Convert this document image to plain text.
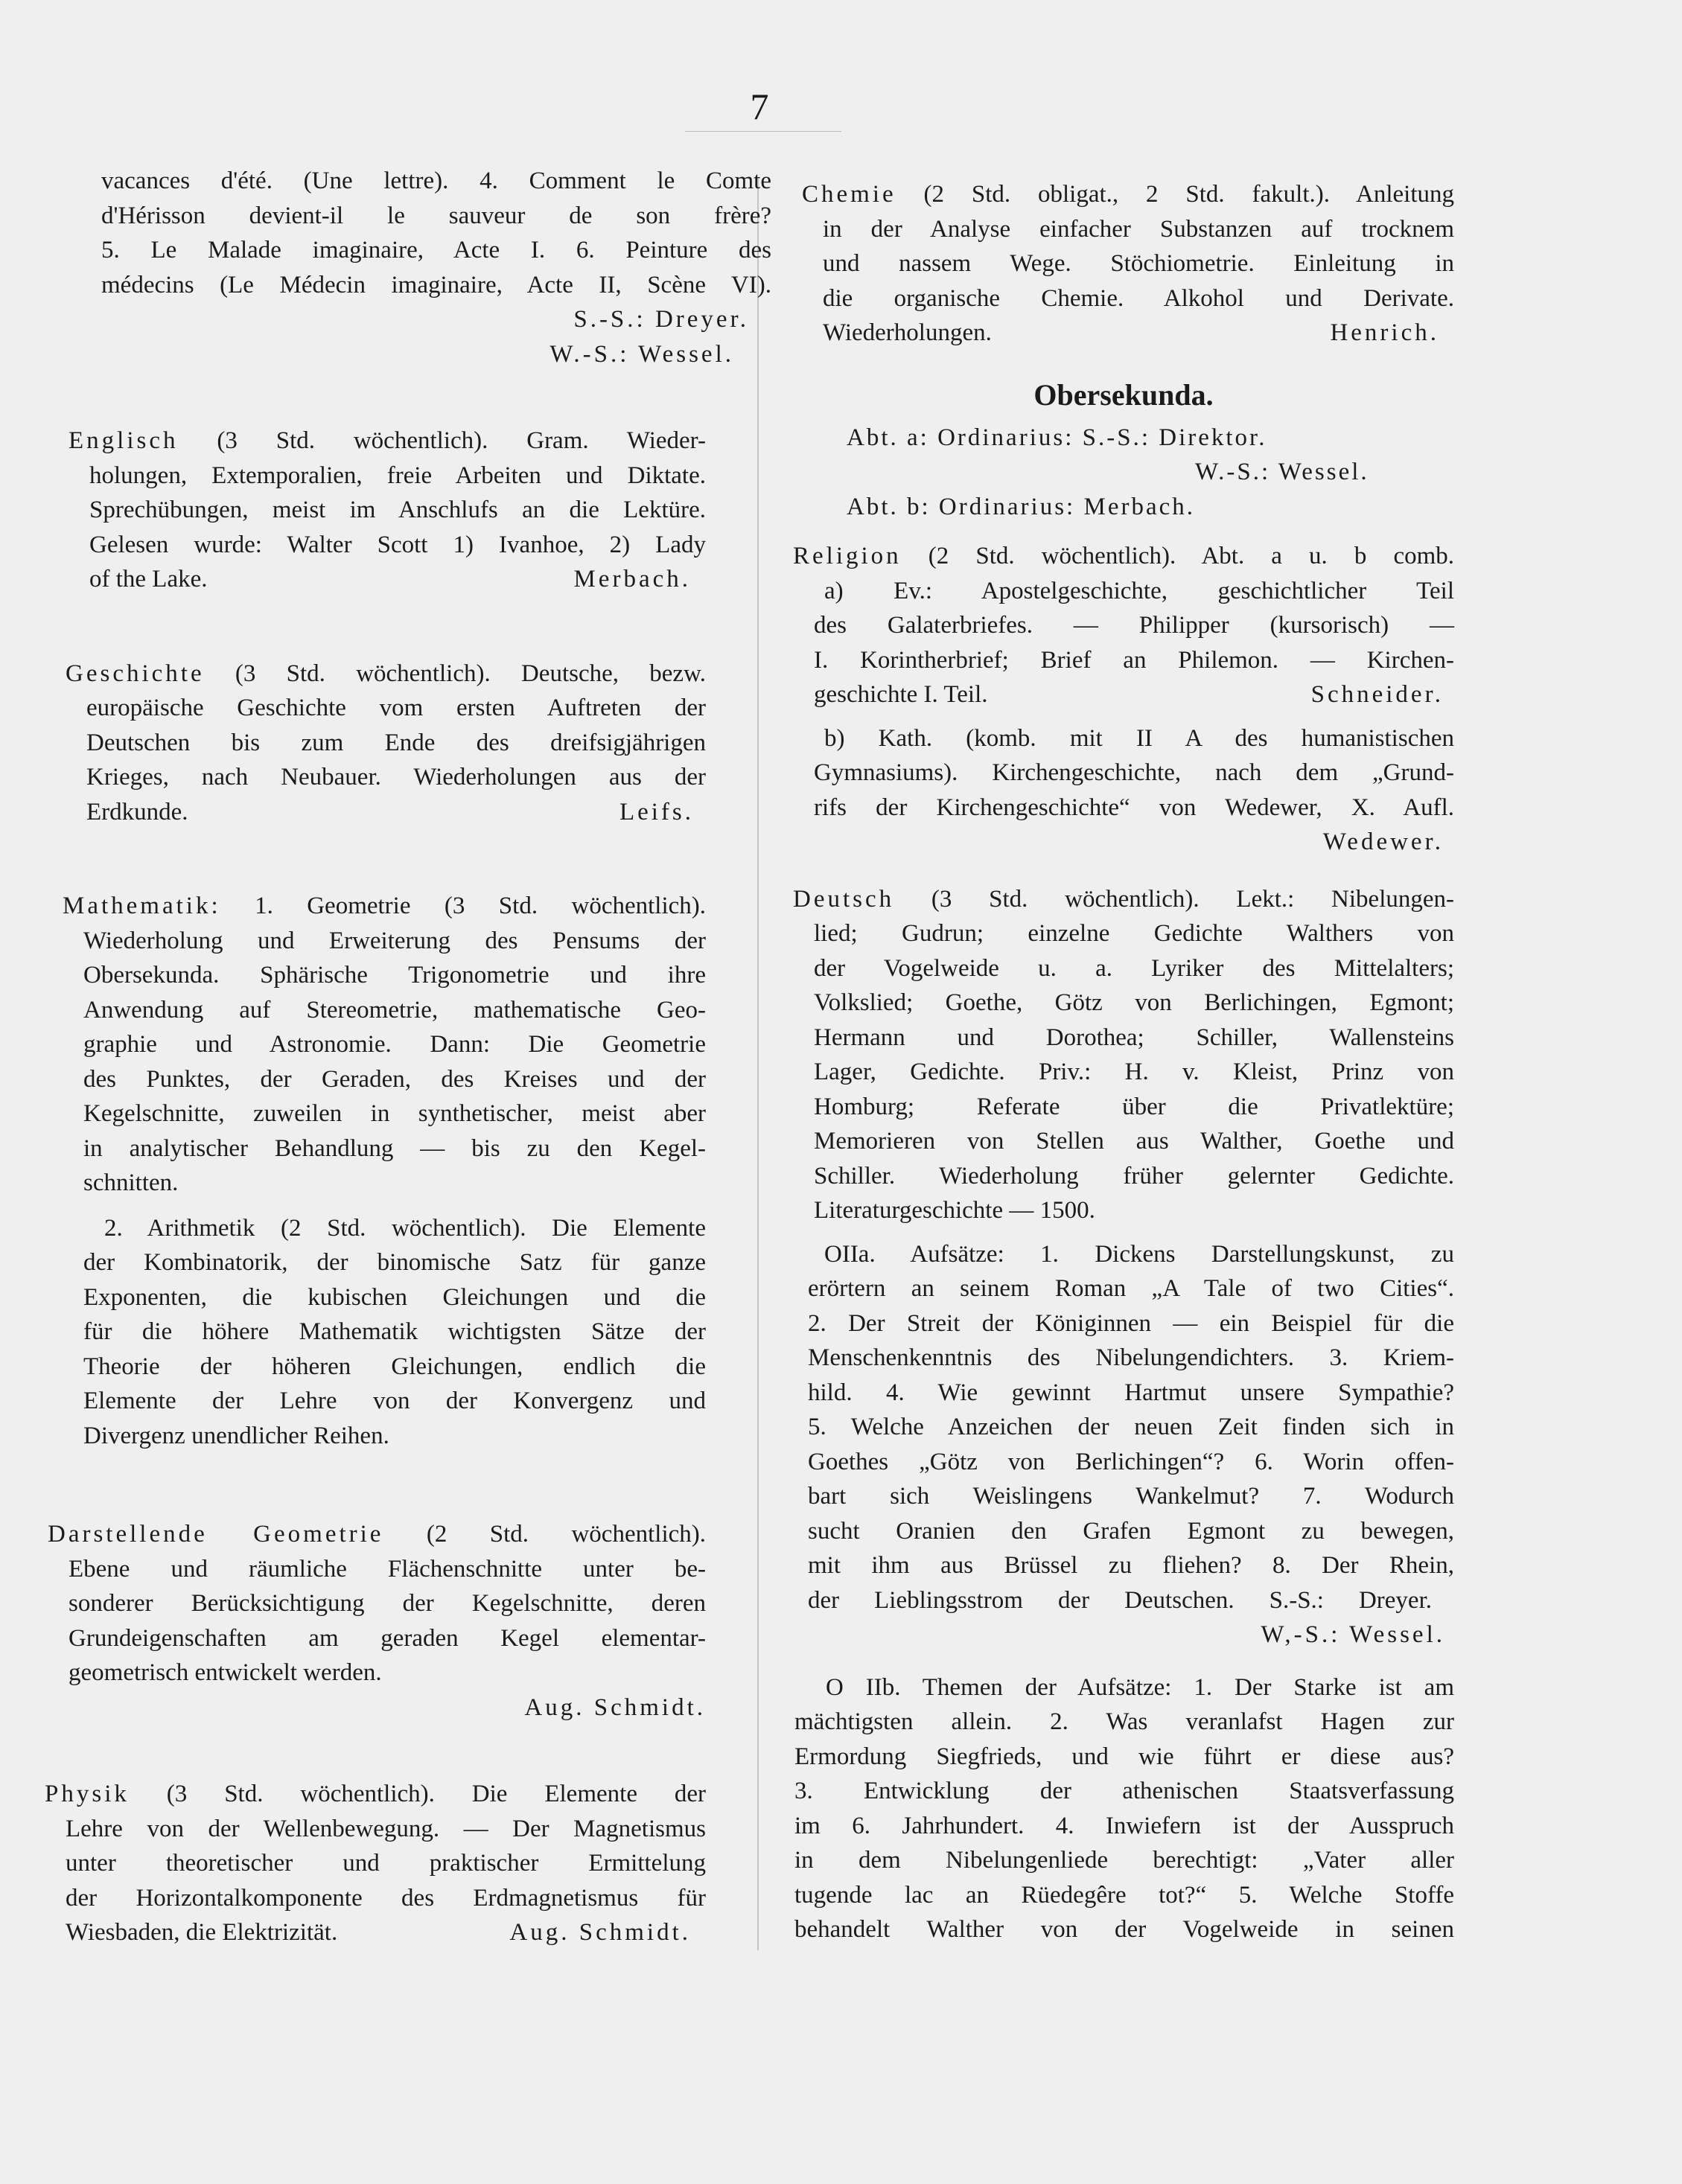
7
vacances d'été. (Une lettre). 4. Comment le Comte
d'Hérisson devient-il le sauveur de son frère?
5. Le Malade imaginaire, Acte I. 6. Peinture des
médecins (Le Médecin imaginaire, Acte II, Scène VI).
S.-S.: Dreyer.
W.-S.: Wessel.
Englisch (3 Std. wöchentlich). Gram. Wieder-
holungen, Extemporalien, freie Arbeiten und Diktate.
Sprechübungen, meist im Anschlufs an die Lektüre.
Gelesen wurde: Walter Scott 1) Ivanhoe, 2) Lady
of the Lake.	Merbach.
Geschichte (3 Std. wöchentlich). Deutsche, bezw.
europäische Geschichte vom ersten Auftreten der
Deutschen bis zum Ende des dreifsigjährigen
Krieges, nach Neubauer. Wiederholungen aus der
Erdkunde.	Leifs.
Mathematik: 1. Geometrie (3 Std. wöchentlich).
Wiederholung und Erweiterung des Pensums der
Obersekunda. Sphärische Trigonometrie und ihre
Anwendung auf Stereometrie, mathematische Geo-
graphie und Astronomie. Dann: Die Geometrie
des Punktes, der Geraden, des Kreises und der
Kegelschnitte, zuweilen in synthetischer, meist aber
in analytischer Behandlung — bis zu den Kegel-
schnitten.
2. Arithmetik (2 Std. wöchentlich). Die Elemente
der Kombinatorik, der binomische Satz für ganze
Exponenten, die kubischen Gleichungen und die
für die höhere Mathematik wichtigsten Sätze der
Theorie der höheren Gleichungen, endlich die
Elemente der Lehre von der Konvergenz und
Divergenz unendlicher Reihen.
Darstellende Geometrie (2 Std. wöchentlich).
Ebene und räumliche Flächenschnitte unter be-
sonderer Berücksichtigung der Kegelschnitte, deren
Grundeigenschaften am geraden Kegel elementar-
geometrisch entwickelt werden.
Aug. Schmidt.
Physik (3 Std. wöchentlich). Die Elemente der
Lehre von der Wellenbewegung. — Der Magnetismus
unter theoretischer und praktischer Ermittelung
der Horizontalkomponente des Erdmagnetismus für
Wiesbaden, die Elektrizität.	Aug. Schmidt.
Chemie (2 Std. obligat., 2 Std. fakult.). Anleitung
in der Analyse einfacher Substanzen auf trocknem
und nassem Wege. Stöchiometrie. Einleitung in
die organische Chemie. Alkohol und Derivate.
Wiederholungen.	Henrich.
Obersekunda.
Abt. a: Ordinarius: S.-S.: Direktor.
W.-S.: Wessel.
Abt. b: Ordinarius: Merbach.
Religion (2 Std. wöchentlich). Abt. a u. b comb.
a) Ev.: Apostelgeschichte, geschichtlicher Teil
des Galaterbriefes. — Philipper (kursorisch) —
I. Korintherbrief; Brief an Philemon. — Kirchen-
geschichte I. Teil.	Schneider.
b) Kath. (komb. mit II A des humanistischen
Gymnasiums). Kirchengeschichte, nach dem „Grund-
rifs der Kirchengeschichte“ von Wedewer, X. Aufl.
Wedewer.
Deutsch (3 Std. wöchentlich). Lekt.: Nibelungen-
lied; Gudrun; einzelne Gedichte Walthers von
der Vogelweide u. a. Lyriker des Mittelalters;
Volkslied; Goethe, Götz von Berlichingen, Egmont;
Hermann und Dorothea; Schiller, Wallensteins
Lager, Gedichte. Priv.: H. v. Kleist, Prinz von
Homburg; Referate über die Privatlektüre;
Memorieren von Stellen aus Walther, Goethe und
Schiller. Wiederholung früher gelernter Gedichte.
Literaturgeschichte — 1500.
OIIa. Aufsätze: 1. Dickens Darstellungskunst, zu
erörtern an seinem Roman „A Tale of two Cities“.
2. Der Streit der Königinnen — ein Beispiel für die
Menschenkenntnis des Nibelungendichters. 3. Kriem-
hild. 4. Wie gewinnt Hartmut unsere Sympathie?
5. Welche Anzeichen der neuen Zeit finden sich in
Goethes „Götz von Berlichingen“? 6. Worin offen-
bart sich Weislingens Wankelmut? 7. Wodurch
sucht Oranien den Grafen Egmont zu bewegen,
mit ihm aus Brüssel zu fliehen? 8. Der Rhein,
der Lieblingsstrom der Deutschen. S.-S.: Dreyer.
W,-S.: Wessel.
O IIb. Themen der Aufsätze: 1. Der Starke ist am
mächtigsten allein. 2. Was veranlafst Hagen zur
Ermordung Siegfrieds, und wie führt er diese aus?
3. Entwicklung der athenischen Staatsverfassung
im 6. Jahrhundert. 4. Inwiefern ist der Ausspruch
in dem Nibelungenliede berechtigt: „Vater aller
tugende lac an Rüedegêre tot?“ 5. Welche Stoffe
behandelt Walther von der Vogelweide in seinen
